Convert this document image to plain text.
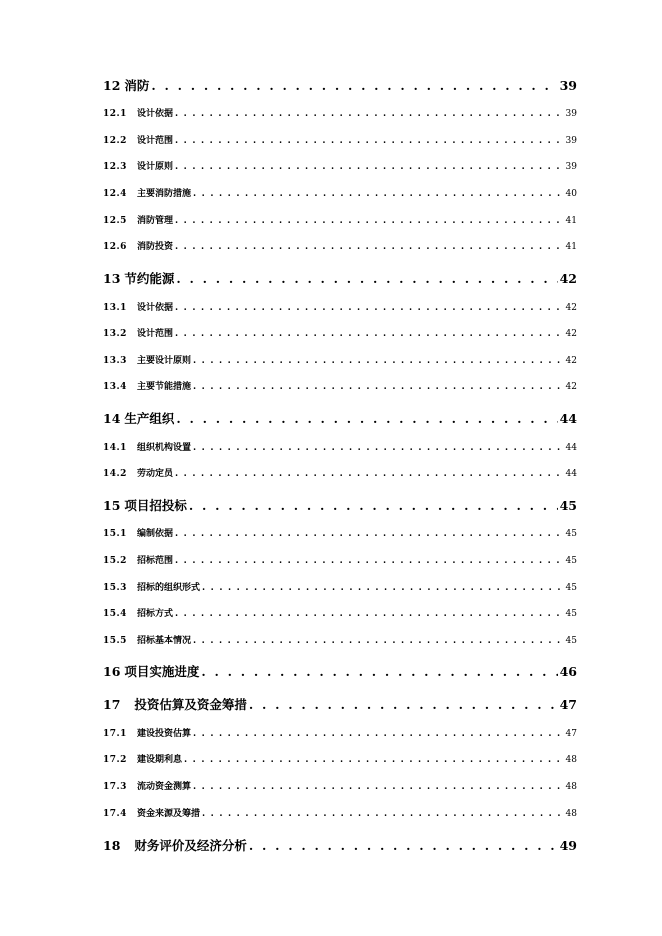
12 消防 . . .	39
12.1	设计依据 . . .	39
12.2	设计范围 . . .	39
12.3	设计原则 . . .	39
12.4	主要消防措施 . . .	40
12.5	消防管理 . . .	41
12.6	消防投资 . . .	41
13 节约能源 . . .	42
13.1	设计依据 . . .	42
13.2	设计范围 . . .	42
13.3	主要设计原则 . . .	42
13.4	主要节能措施 . . .	42
14 生产组织 . . .	44
14.1	组织机构设置 . . .	44
14.2	劳动定员 . . .	44
15 项目招投标 . . .	45
15.1	编制依据 . . .	45
15.2	招标范围 . . .	45
15.3	招标的组织形式 . . .	45
15.4	招标方式 . . .	45
15.5	招标基本情况 . . .	45
16 项目实施进度 . . .	46
17 投资估算及资金筹措 . . .	47
17.1	建设投资估算 . . .	47
17.2	建设期利息 . . .	48
17.3	流动资金测算 . . .	48
17.4	资金来源及筹措 . . .	48
18 财务评价及经济分析 . . .	49
